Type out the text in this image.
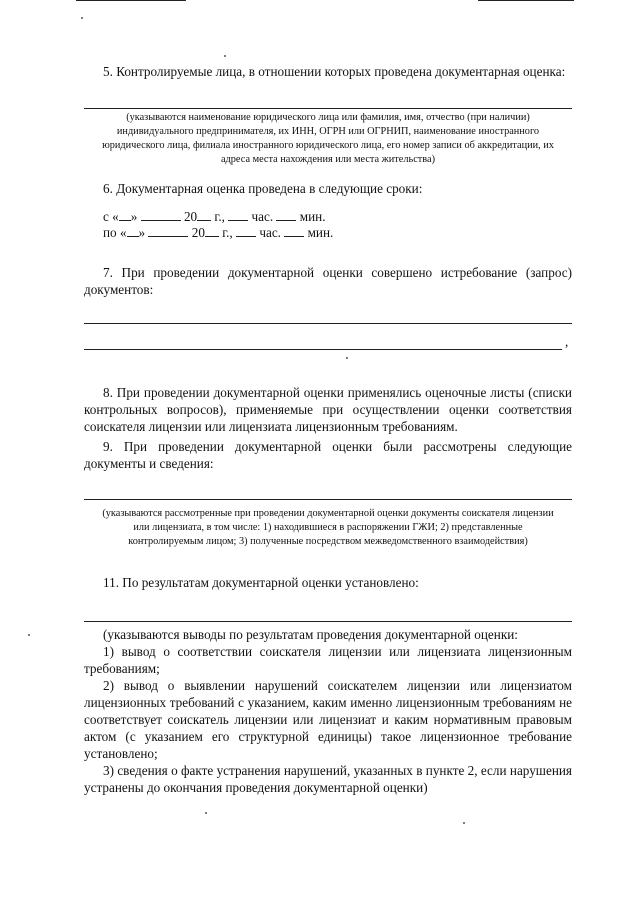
5. Контролируемые лица, в отношении которых проведена документарная оценка:
(указываются наименование юридического лица или фамилия, имя, отчество (при наличии)
индивидуального предпринимателя, их ИНН, ОГРН или ОГРНИП, наименование иностранного
юридического лица, филиала иностранного юридического лица, его номер записи об аккредитации, их
адреса места нахождения или места жительства)
6. Документарная оценка проведена в следующие сроки:
с « »	20 г., час. мин.
по « »	20 г., час. мин.
7. При проведении документарной оценки совершено истребование (запрос)
документов:
,
8. При проведении документарной оценки применялись оценочные листы (списки
контрольных вопросов), применяемые при осуществлении оценки соответствия
соискателя лицензии или лицензиата лицензионным требованиям.
9. При проведении документарной оценки были рассмотрены следующие
документы и сведения:
(указываются рассмотренные при проведении документарной оценки документы соискателя лицензии
или лицензиата, в том числе: 1) находившиеся в распоряжении ГЖИ; 2) представленные
контролируемым лицом; 3) полученные посредством межведомственного взаимодействия)
11. По результатам документарной оценки установлено:
(указываются выводы по результатам проведения документарной оценки:
1) вывод о соответствии соискателя лицензии или лицензиата лицензионным
требованиям;
2) вывод о выявлении нарушений соискателем лицензии или лицензиатом
лицензионных требований с указанием, каким именно лицензионным требованиям не
соответствует соискатель лицензии или лицензиат и каким нормативным правовым
актом (с указанием его структурной единицы) такое лицензионное требование
установлено;
3) сведения о факте устранения нарушений, указанных в пункте 2, если нарушения
устранены до окончания проведения документарной оценки)
